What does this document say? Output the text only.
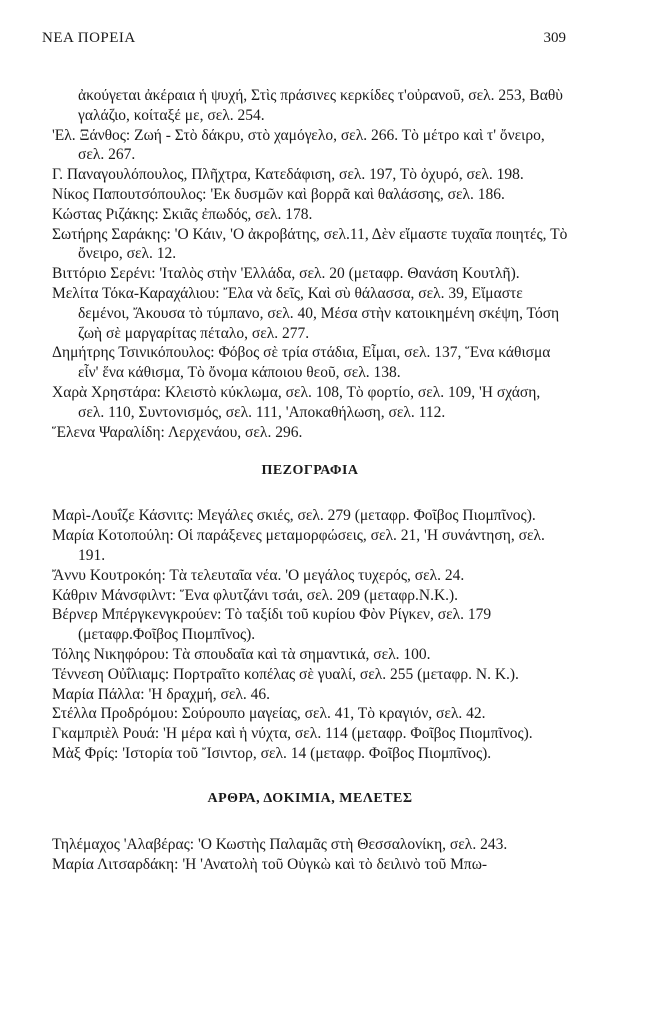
ΝΕΑ ΠΟΡΕΙΑ	309

ἀκούγεται ἀκέραια ἡ ψυχή, Στὶς πράσινες κερκίδες τ'οὐρανοῦ, σελ. 253, Βαθὺ γαλάζιο, κοίταξέ με, σελ. 254.

'Ελ. Ξάνθος: Ζωή - Στὸ δάκρυ, στὸ χαμόγελο, σελ. 266. Τὸ μέτρο καὶ τ' ὄνειρο, σελ. 267.

Γ. Παναγουλόπουλος, Πλῆχτρα, Κατεδάφιση, σελ. 197, Τὸ ὀχυρό, σελ. 198.

Νίκος Παπουτσόπουλος: 'Εκ δυσμῶν καὶ βορρᾶ καὶ θαλάσσης, σελ. 186.

Κώστας Ριζάκης: Σκιᾶς ἐπωδός, σελ. 178.

Σωτήρης Σαράκης: 'Ο Κάιν, 'Ο ἀκροβάτης, σελ.11, Δὲν εἴμαστε τυχαῖα ποιητές, Τὸ ὄνειρο, σελ. 12.

Βιττόριο Σερένι: 'Ιταλὸς στὴν 'Ελλάδα, σελ. 20 (μεταφρ. Θανάση Κουτλῆ).

Μελίτα Τόκα-Καραχάλιου: Ἔλα νὰ δεῖς, Καὶ σὺ θάλασσα, σελ. 39, Εἴμαστε δεμένοι, Ἄκουσα τὸ τύμπανο, σελ. 40, Μέσα στὴν κατοικημένη σκέψη, Τόση ζωὴ σὲ μαργαρίτας πέταλο, σελ. 277.

Δημήτρης Τσινικόπουλος: Φόβος σὲ τρία στάδια, Εἶμαι, σελ. 137, Ἕνα κάθισμα εἶν' ἕνα κάθισμα, Τὸ ὄνομα κάποιου θεοῦ, σελ. 138.

Χαρὰ Χρηστάρα: Κλειστὸ κύκλωμα, σελ. 108, Τὸ φορτίο, σελ. 109, 'Η σχάση, σελ. 110, Συντονισμός, σελ. 111, 'Αποκαθήλωση, σελ. 112.

Ἕλενα Ψαραλίδη: Λερχενάου, σελ. 296.

ΠΕΖΟΓΡΑΦΙΑ

Μαρὶ-Λουΐζε Κάσνιτς: Μεγάλες σκιές, σελ. 279 (μεταφρ. Φοῖβος Πιομπῖνος).

Μαρία Κοτοπούλη: Οἱ παράξενες μεταμορφώσεις, σελ. 21, 'Η συνάντηση, σελ. 191.

Ἄννυ Κουτροκόη: Τὰ τελευταῖα νέα. 'Ο μεγάλος τυχερός, σελ. 24.

Κάθριν Μάνσφιλντ: Ἕνα φλυτζάνι τσάι, σελ. 209 (μεταφρ.Ν.Κ.).

Βέρνερ Μπέργκενγκρούεν: Τὸ ταξίδι τοῦ κυρίου Φὸν Ρίγκεν, σελ. 179 (μεταφρ.Φοῖβος Πιομπῖνος).

Τόλης Νικηφόρου: Τὰ σπουδαῖα καὶ τὰ σημαντικά, σελ. 100.

Τέννεση Οὐΐλιαμς: Πορτραῖτο κοπέλας σὲ γυαλί, σελ. 255 (μεταφρ. Ν. Κ.).

Μαρία Πάλλα: 'Η δραχμή, σελ. 46.

Στέλλα Προδρόμου: Σούρουπο μαγείας, σελ. 41, Τὸ κραγιόν, σελ. 42.

Γκαμπριὲλ Ρουά: 'Η μέρα καὶ ἡ νύχτα, σελ. 114 (μεταφρ. Φοῖβος Πιομπῖνος).

Μὰξ Φρίς: 'Ιστορία τοῦ Ἴσιντορ, σελ. 14 (μεταφρ. Φοῖβος Πιομπῖνος).

ΑΡΘΡΑ, ΔΟΚΙΜΙΑ, ΜΕΛΕΤΕΣ

Τηλέμαχος 'Αλαβέρας: 'Ο Κωστὴς Παλαμᾶς στὴ Θεσσαλονίκη, σελ. 243.

Μαρία Λιτσαρδάκη: 'Η 'Ανατολὴ τοῦ Οὐγκὼ καὶ τὸ δειλινὸ τοῦ Μπω-
